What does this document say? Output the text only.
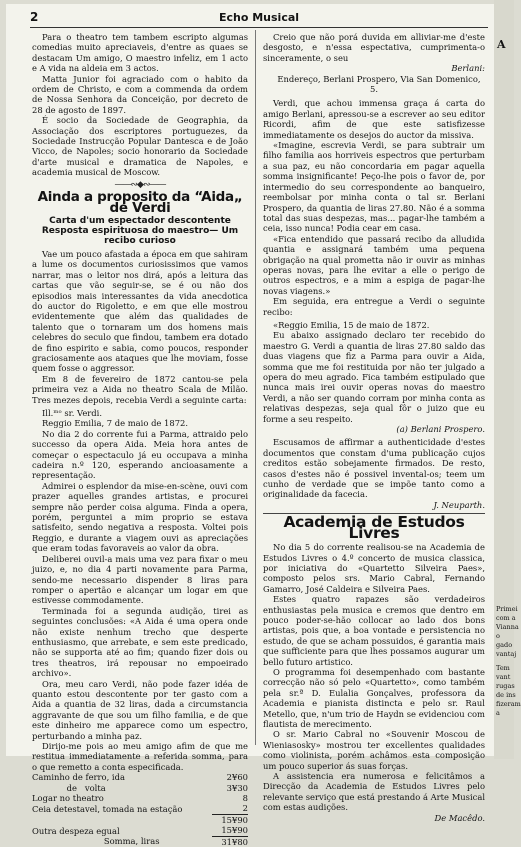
2	Echo Musical

Para o theatro tem tambem escripto algumas comedias muito apreciaveis, d'entre as quaes se destacam Um amigo, O maestro infeliz, em 1 acto e A vida na aldeia em 3 actos.

Matta Junior foi agraciado com o habito da ordem de Christo, e com a commenda da ordem de Nossa Senhora da Conceição, por decreto de 28 de agosto de 1897.

É socio da Sociedade de Geographia, da Associação dos escriptores portuguezes, da Sociedade Instrucção Popular Dantesca e de João Vicco, de Napoles; socio honorario da Sociedade d'arte musical e dramatica de Napoles, e academia musical de Moscow.

——∾◆∾——
Ainda a proposito da “Aida„ de Verdi
Carta d'um espectador descontente
Resposta espirituosa do maestro— Um recibo curioso

Vae um pouco afastada a época em que sahiram a lume os documentos curiosissimos que vamos narrar, mas o leitor nos dirá, após a leitura das cartas que vão seguir-se, se é ou não dos episodios mais interessantes da vida anecdotica do auctor do Rigoletto, e em que elle mostrou evidentemente que além das qualidades de talento que o tornaram um dos homens mais celebres do seculo que findou, tambem era dotado de fino espirito e sabia, como poucos, responder graciosamente aos ataques que lhe moviam, fosse quem fosse o aggressor.

Em 8 de fevereiro de 1872 cantou-se pela primeira vez a Aida no theatro Scala de Milão. Tres mezes depois, recebia Verdi a seguinte carta:

Ill.ᵐᵒ sr. Verdi.

Reggio Emilia, 7 de maio de 1872.

No dia 2 do corrente fui a Parma, attraido pelo successo da opera Aida. Meia hora antes de começar o espectaculo já eu occupava a minha cadeira n.º 120, esperando ancioasamente a representação.

Admirei o esplendor da mise-en-scène, ouvi com prazer aquelles grandes artistas, e procurei sempre não perder coisa alguma. Finda a opera, porém, perguntei a mim proprio se estava satisfeito, sendo negativa a resposta. Voltei pois Reggio, e durante a viagem ouvi as apreciações que eram todas favoraveis ao valor da obra.

Deliberei ouvil-a mais uma vez para fixar o meu juizo, e, no dia 4 parti novamente para Parma, sendo-me necessario dispender 8 liras para romper o apertão e alcançar um logar em que estivesse commodamente.

Terminada foi a segunda audição, tirei as seguintes conclusões: «A Aida é uma opera onde não existe nenhum trecho que desperte enthusiasmo, que arrebate, e sem este predicado, não se supporta até ao fim; quando fizer dois ou tres theatros, irá repousar no empoeirado archivo».

Ora, meu caro Verdi, não pode fazer idéa de quanto estou descontente por ter gasto com a Aida a quantia de 32 liras, dada a circumstancia aggravante de que sou um filho familia, e de que este dinheiro me apparece como um espectro, perturbando a minha paz.

Dirijo-me pois ao meu amigo afim de que me restitua immediatamente a referida somma, para o que remetto a conta especificada.

Caminho de ferro, ida	2¥60
de   volta	3¥30
Logar no theatro	8
Ceia detestavel, tomada na estação	2
	15¥90
Outra despeza egual	15¥90
Somma, liras	31¥80

Creio que não porá duvida em alliviar-me d'este desgosto, e n'essa espectativa, cumprimenta-o sinceramente, o seu

Berlani:

Endereço, Berlani Prospero, Via San Domenico, 5.

Verdi, que achou immensa graça á carta do amigo Berlani, apressou-se a escrever ao seu editor Ricordi, afim de que este satisfizesse immediatamente os desejos do auctor da missiva.

«Imagine, escrevia Verdi, se para subtrair um filho familia aos horriveis espectros que perturbam a sua paz, eu não concordaria em pagar aquella somma insignificante! Peço-lhe pois o favor de, por intermedio do seu correspondente ao banqueiro, reembolsar por minha conta o tal sr. Berlani Prospero, da quantia de liras 27.80. Não é a somma total das suas despezas, mas... pagar-lhe também a ceia, isso nunca! Podia cear em casa.

«Fica entendido que passará recibo da alludida quantia e assignará também uma pequena obrigação na qual prometta não ir ouvir as minhas operas novas, para lhe evitar a elle o perigo de outros espectros, e a mim a espiga de pagar-lhe novas viagens.»

Em seguida, era entregue a Verdi o seguinte recibo:

«Reggio Emilia, 15 de maio de 1872.

Eu abaixo assignado declaro ter recebido do maestro G. Verdi a quantia de liras 27.80 saldo das duas viagens que fiz a Parma para ouvir a Aida, somma que me foi restituida por não ter julgado a opera do meu agrado. Fica também estipulado que nunca mais irei ouvir operas novas do maestro Verdi, a não ser quando corram por minha conta as relativas despezas, seja qual fôr o juizo que eu forme a seu respeito.

(a) Berlani Prospero.

Escusamos de affirmar a authenticidade d'estes documentos que constam d'uma publicação cujos creditos estão sobejamente firmados. De resto, casos d'estes não é possivel invental-os; teem um cunho de verdade que se impõe tanto como a originalidade da facecia.

J. Neuparth.

Academia de Estudos Livres

No dia 5 do corrente realisou-se na Academia de Estudos Livres o 4.º concerto de musica classica, por iniciativa do «Quartetto Silveira Paes», composto pelos srs. Mario Cabral, Fernando Gamarro, José Caldeira e Silveira Paes.

Estes quatro rapazes são verdadeiros enthusiastas pela musica e cremos que dentro em pouco poder-se-hão collocar ao lado dos bons artistas, pois que, a boa vontade e persistencia no estudo, de que se acham possuidos, é garantia mais que sufficiente para que lhes possamos augurar um bello futuro artistico.

O programma foi desempenhado com bastante correcção não só pelo «Quartetto», como também pela sr.ª D. Eulalia Gonçalves, professora da Academia e pianista distincta e pelo sr. Raul Metello, que, n'um trio de Haydn se evidenciou com flautista de merecimento.

O sr. Mario Cabral no «Souvenir Moscou de Wieniasosky» mostrou ter excellentes qualidades como violinista, porém achâmos esta composição um pouco superior ás suas forças.

A assistencia era numerosa e felicitâmos a Direcção da Academia de Estudos Livres pelo relevante serviço que está prestando á Arte Musical com estas audições.

De Macêdo.

A
Primei
com a
Vianna
o
gado
vantaj
Tem
vant
rugas
de ins
fizeram
a
